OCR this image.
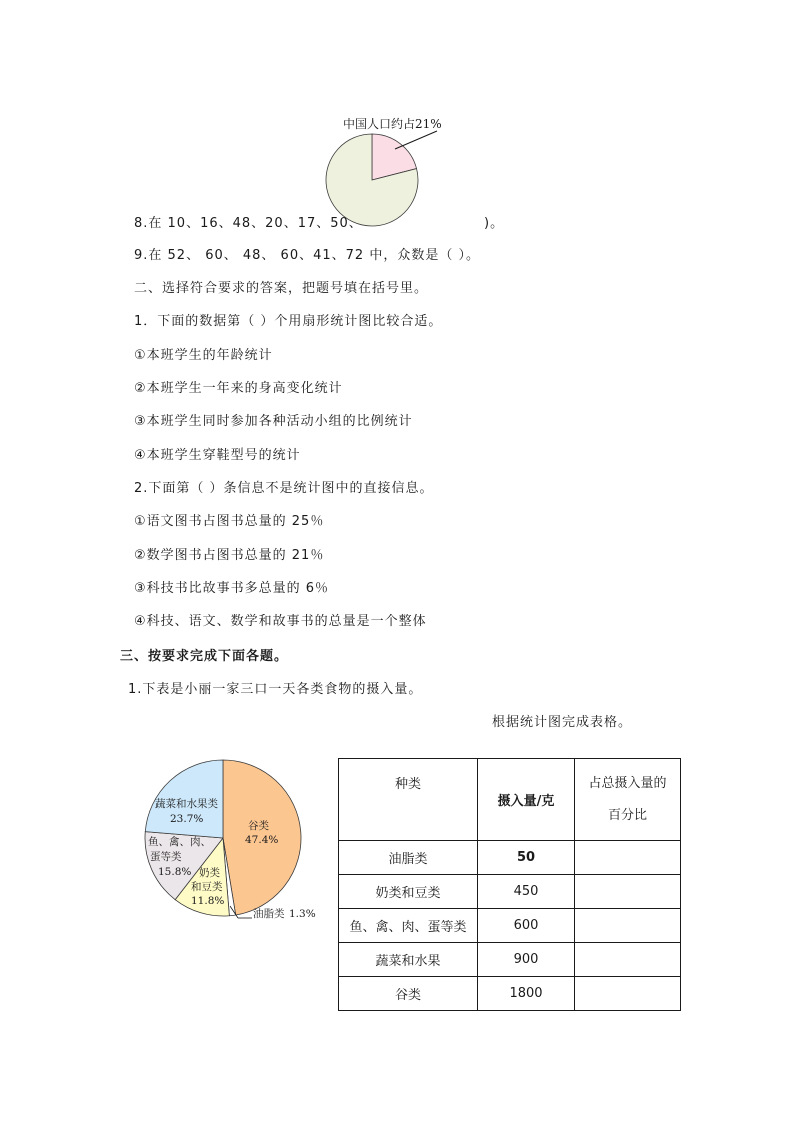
中国人口约占21%
8.在 10、16、48、20、17、50、	)。
9.在 52、 60、 48、 60、41、72 中，众数是（ ）。
二、选择符合要求的答案，把题号填在括号里。
1．下面的数据第（ ）个用扇形统计图比较合适。
①本班学生的年龄统计
②本班学生一年来的身高变化统计
③本班学生同时参加各种活动小组的比例统计
④本班学生穿鞋型号的统计
2.下面第（ ）条信息不是统计图中的直接信息。
①语文图书占图书总量的 25％
②数学图书占图书总量的 21％
③科技书比故事书多总量的 6％
④科技、语文、数学和故事书的总量是一个整体
三、按要求完成下面各题。
1.下表是小丽一家三口一天各类食物的摄入量。
根据统计图完成表格。
谷类
47.4%
蔬菜和水果类
23.7%
鱼、禽、肉、
蛋等类
15.8% 奶类
和豆类
11.8%
油脂类 1.3%
种类	摄入量/克	占总摄入量的
百分比

油脂类	50	
奶类和豆类	450	
鱼、禽、肉、蛋等类	600	
蔬菜和水果	900	
谷类	1800	
